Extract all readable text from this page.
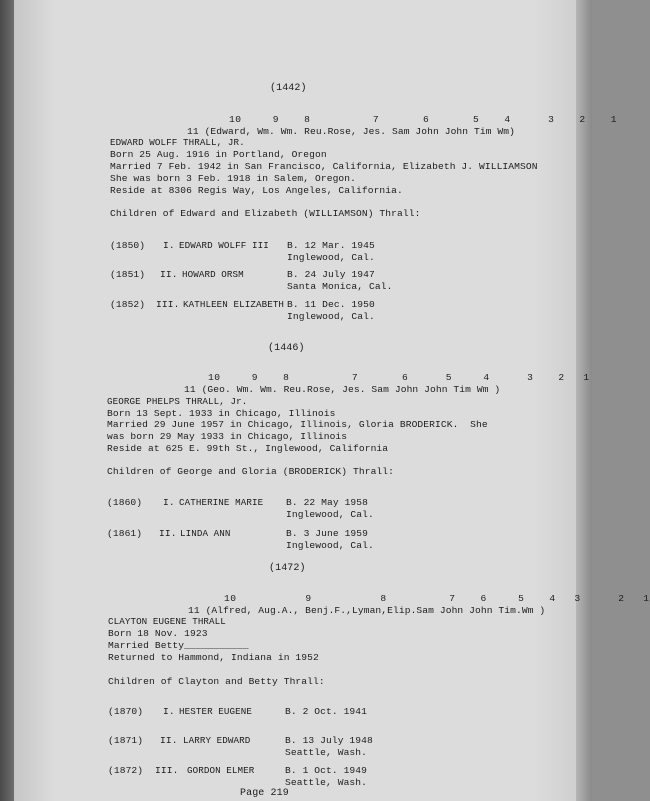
(1442)
10     9    8          7       6       5    4      3    2    1
11 (Edward, Wm. Wm. Reu.Rose, Jes. Sam John John Tim Wm)
EDWARD WOLFF THRALL, JR.
Born 25 Aug. 1916 in Portland, Oregon
Married 7 Feb. 1942 in San Francisco, California, Elizabeth J. WILLIAMSON
She was born 3 Feb. 1918 in Salem, Oregon.
Reside at 8306 Regis Way, Los Angeles, California.
Children of Edward and Elizabeth (WILLIAMSON) Thrall:
(1850) I. EDWARD WOLFF III B. 12 Mar. 1945
Inglewood, Cal.
(1851) II. HOWARD ORSM	B. 24 July 1947
Santa Monica, Cal.
(1852) III. KATHLEEN ELIZABETH B. 11 Dec. 1950
Inglewood, Cal.
(1446)
10     9    8          7       6      5     4      3    2   1
11 (Geo. Wm. Wm. Reu.Rose, Jes. Sam John John Tim Wm )
GEORGE PHELPS THRALL, Jr.
Born 13 Sept. 1933 in Chicago, Illinois
Married 29 June 1957 in Chicago, Illinois, Gloria BRODERICK.  She
was born 29 May 1933 in Chicago, Illinois
Reside at 625 E. 99th St., Inglewood, California
Children of George and Gloria (BRODERICK) Thrall:
(1860) I. CATHERINE MARIE B. 22 May 1958
Inglewood, Cal.
(1861) II. LINDA ANN	B. 3 June 1959
Inglewood, Cal.
(1472)
10           9           8          7    6     5    4   3      2   1
11 (Alfred, Aug.A., Benj.F.,Lyman,Elip.Sam John John Tim.Wm )
CLAYTON EUGENE THRALL
Born 18 Nov. 1923
Married Betty___________
Returned to Hammond, Indiana in 1952
Children of Clayton and Betty Thrall:
(1870) I. HESTER EUGENE	B. 2 Oct. 1941
(1871) II. LARRY EDWARD	B. 13 July 1948
Seattle, Wash.
(1872) III. GORDON ELMER	B. 1 Oct. 1949
Seattle, Wash.
Page 219
